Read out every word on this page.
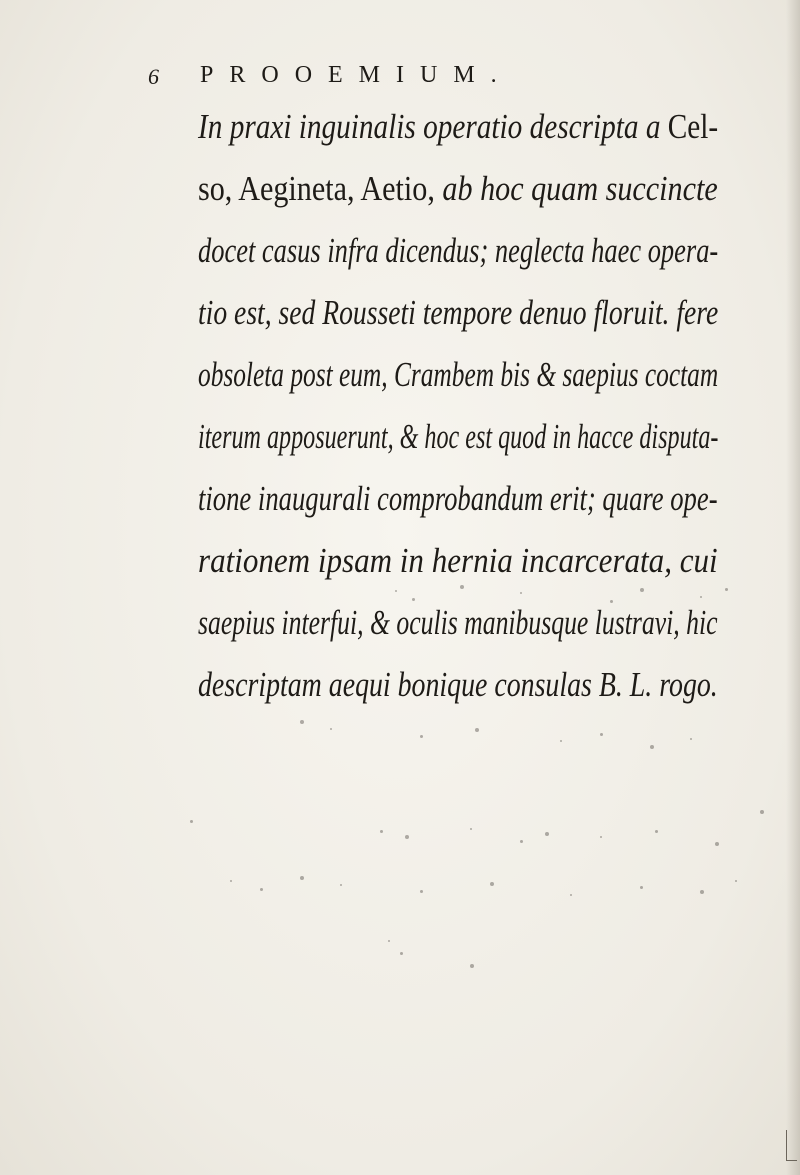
6 PROOEMIUM.
In praxi inguinalis operatio descripta a Cel-
so, Aegineta, Aetio, ab hoc quam succincte
docet casus infra dicendus; neglecta haec opera-
tio est, sed Rousseti tempore denuo floruit. fere
obsoleta post eum, Crambem bis & saepius coctam
iterum apposuerunt, & hoc est quod in hacce disputa-
tione inaugurali comprobandum erit; quare ope-
rationem ipsam in hernia incarcerata, cui
saepius interfui, & oculis manibusque lustravi, hic
descriptam aequi bonique consulas B. L. rogo.
